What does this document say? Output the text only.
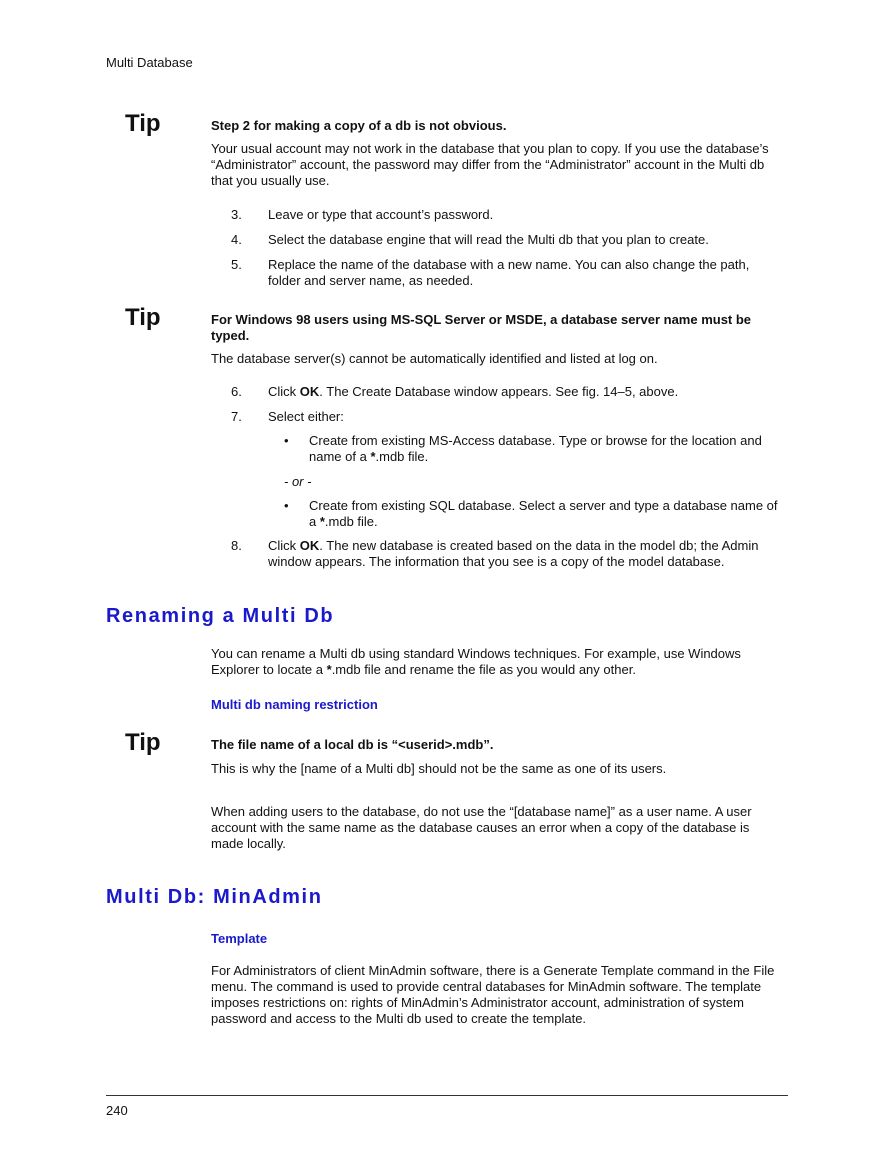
Multi Database
Tip	Step 2 for making a copy of a db is not obvious.
Your usual account may not work in the database that you plan to copy. If you use the database’s “Administrator” account, the password may differ from the “Administrator” account in the Multi db that you usually use.
3. Leave or type that account’s password.
4. Select the database engine that will read the Multi db that you plan to create.
5. Replace the name of the database with a new name. You can also change the path, folder and server name, as needed.
Tip	For Windows 98 users using MS-SQL Server or MSDE, a database server name must be typed.
The database server(s) cannot be automatically identified and listed at log on.
6. Click OK. The Create Database window appears. See fig. 14–5, above.
7. Select either:
• Create from existing MS-Access database. Type or browse for the location and name of a *.mdb file.
- or -
• Create from existing SQL database. Select a server and type a database name of a *.mdb file.
8. Click OK. The new database is created based on the data in the model db; the Admin window appears. The information that you see is a copy of the model database.
Renaming a Multi Db
You can rename a Multi db using standard Windows techniques. For example, use Windows Explorer to locate a *.mdb file and rename the file as you would any other.
Multi db naming restriction
Tip	The file name of a local db is “<userid>.mdb”.
This is why the [name of a Multi db] should not be the same as one of its users.
When adding users to the database, do not use the “[database name]” as a user name. A user account with the same name as the database causes an error when a copy of the database is made locally.
Multi Db: MinAdmin
Template
For Administrators of client MinAdmin software, there is a Generate Template command in the File menu. The command is used to provide central databases for MinAdmin software. The template imposes restrictions on: rights of MinAdmin’s Administrator account, administration of system password and access to the Multi db used to create the template.
240
